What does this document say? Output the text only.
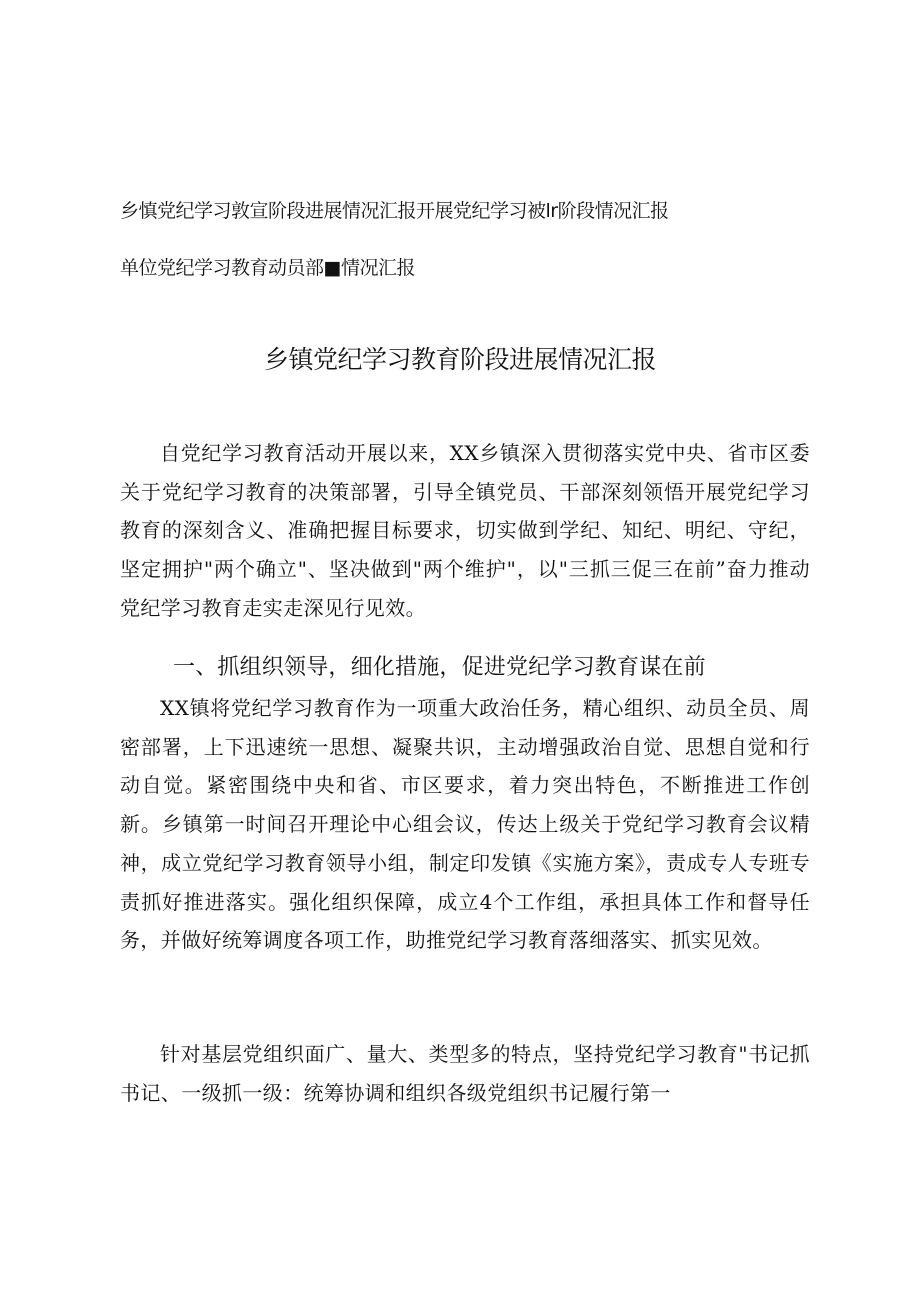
乡慎党纪学习敦宣阶段进展情况汇报开展党纪学习被lr阶段情况汇报
单位党纪学习教育动员部■情况汇报
乡镇党纪学习教育阶段进展情况汇报

自党纪学习教育活动开展以来，XX乡镇深入贯彻落实党中央、省市区委关于党纪学习教育的决策部署，引导全镇党员、干部深刻领悟开展党纪学习教育的深刻含义、准确把握目标要求，切实做到学纪、知纪、明纪、守纪，坚定拥护"两个确立"、坚决做到"两个维护"，以"三抓三促三在前”奋力推动党纪学习教育走实走深见行见效。

一、抓组织领导，细化措施，促进党纪学习教育谋在前

XX镇将党纪学习教育作为一项重大政治任务，精心组织、动员全员、周密部署，上下迅速统一思想、凝聚共识，主动增强政治自觉、思想自觉和行动自觉。紧密围绕中央和省、市区要求，着力突出特色，不断推进工作创新。乡镇第一时间召开理论中心组会议，传达上级关于党纪学习教育会议精神，成立党纪学习教育领导小组，制定印发镇《实施方案》，责成专人专班专责抓好推进落实。强化组织保障，成立4个工作组，承担具体工作和督导任务，并做好统筹调度各项工作，助推党纪学习教育落细落实、抓实见效。

针对基层党组织面广、量大、类型多的特点，坚持党纪学习教育"书记抓书记、一级抓一级：统筹协调和组织各级党组织书记履行第一
